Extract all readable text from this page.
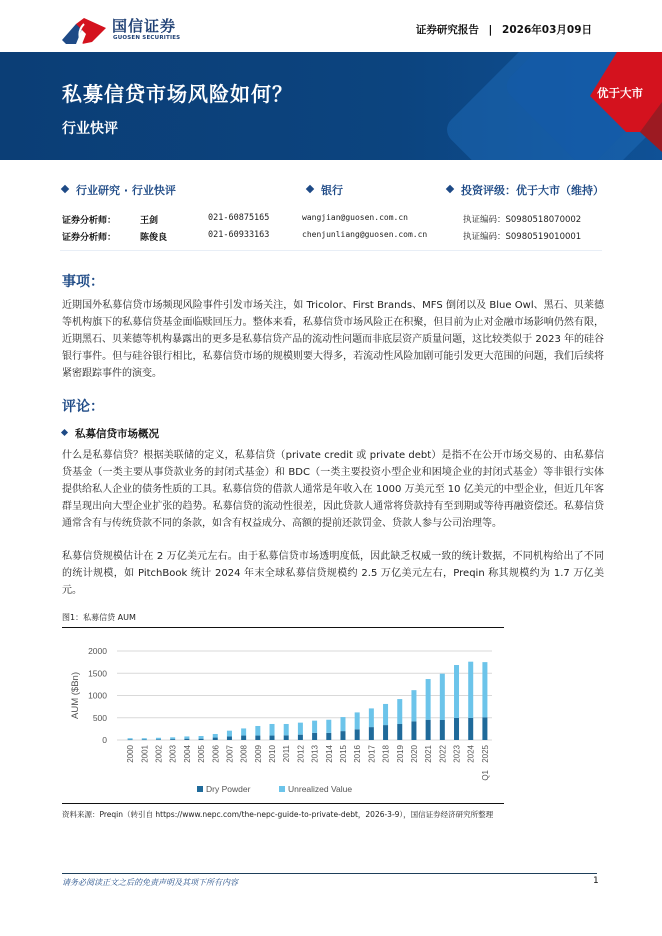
国信证券
GUOSEN SECURITIES
证券研究报告 | 2026年03月09日
优于大市
私募信贷市场风险如何？
行业快评
行业研究 · 行业快评	银行	投资评级：优于大市（维持）
证券分析师：	王剑	021-60875165	wangjian@guosen.com.cn	执证编码：S0980518070002
证券分析师：	陈俊良	021-60933163	chenjunliang@guosen.com.cn	执证编码：S0980519010001
事项：
近期国外私募信贷市场频现风险事件引发市场关注，如 Tricolor、First Brands、MFS 倒闭以及 Blue Owl、黑石、贝莱德等机构旗下的私募信贷基金面临赎回压力。整体来看，私募信贷市场风险正在积聚，但目前为止对金融市场影响仍然有限，近期黑石、贝莱德等机构暴露出的更多是私募信贷产品的流动性问题而非底层资产质量问题，这比较类似于 2023 年的硅谷银行事件。但与硅谷银行相比，私募信贷市场的规模则要大得多，若流动性风险加剧可能引发更大范围的问题，我们后续将紧密跟踪事件的演变。
评论：
私募信贷市场概况
什么是私募信贷？根据美联储的定义，私募信贷（private credit 或 private debt）是指不在公开市场交易的、由私募信贷基金（一类主要从事贷款业务的封闭式基金）和 BDC（一类主要投资小型企业和困境企业的封闭式基金）等非银行实体提供给私人企业的债务性质的工具。私募信贷的借款人通常是年收入在 1000 万美元至 10 亿美元的中型企业，但近几年客群呈现出向大型企业扩张的趋势。私募信贷的流动性很差，因此贷款人通常将贷款持有至到期或等待再融资偿还。私募信贷通常含有与传统贷款不同的条款，如含有权益成分、高额的提前还款罚金、贷款人参与公司治理等。
私募信贷规模估计在 2 万亿美元左右。由于私募信贷市场透明度低，因此缺乏权威一致的统计数据，不同机构给出了不同的统计规模，如 PitchBook 统计 2024 年末全球私募信贷规模约 2.5 万亿美元左右，Preqin 称其规模约为 1.7 万亿美元。
图1：私募信贷 AUM
0
500
1000
1500
2000
AUM ($Bn)
2000 2001 2002 2003 2004 2005 2006 2007 2008 2009 2010 2011 2012 2013 2014 2015 2016 2017 2018 2019 2020 2021 2022 2023 2024 2025
Q1
Dry Powder	Unrealized Value
资料来源：Preqin（转引自 https://www.nepc.com/the-nepc-guide-to-private-debt，2026-3-9），国信证券经济研究所整理
请务必阅读正文之后的免责声明及其项下所有内容	1
